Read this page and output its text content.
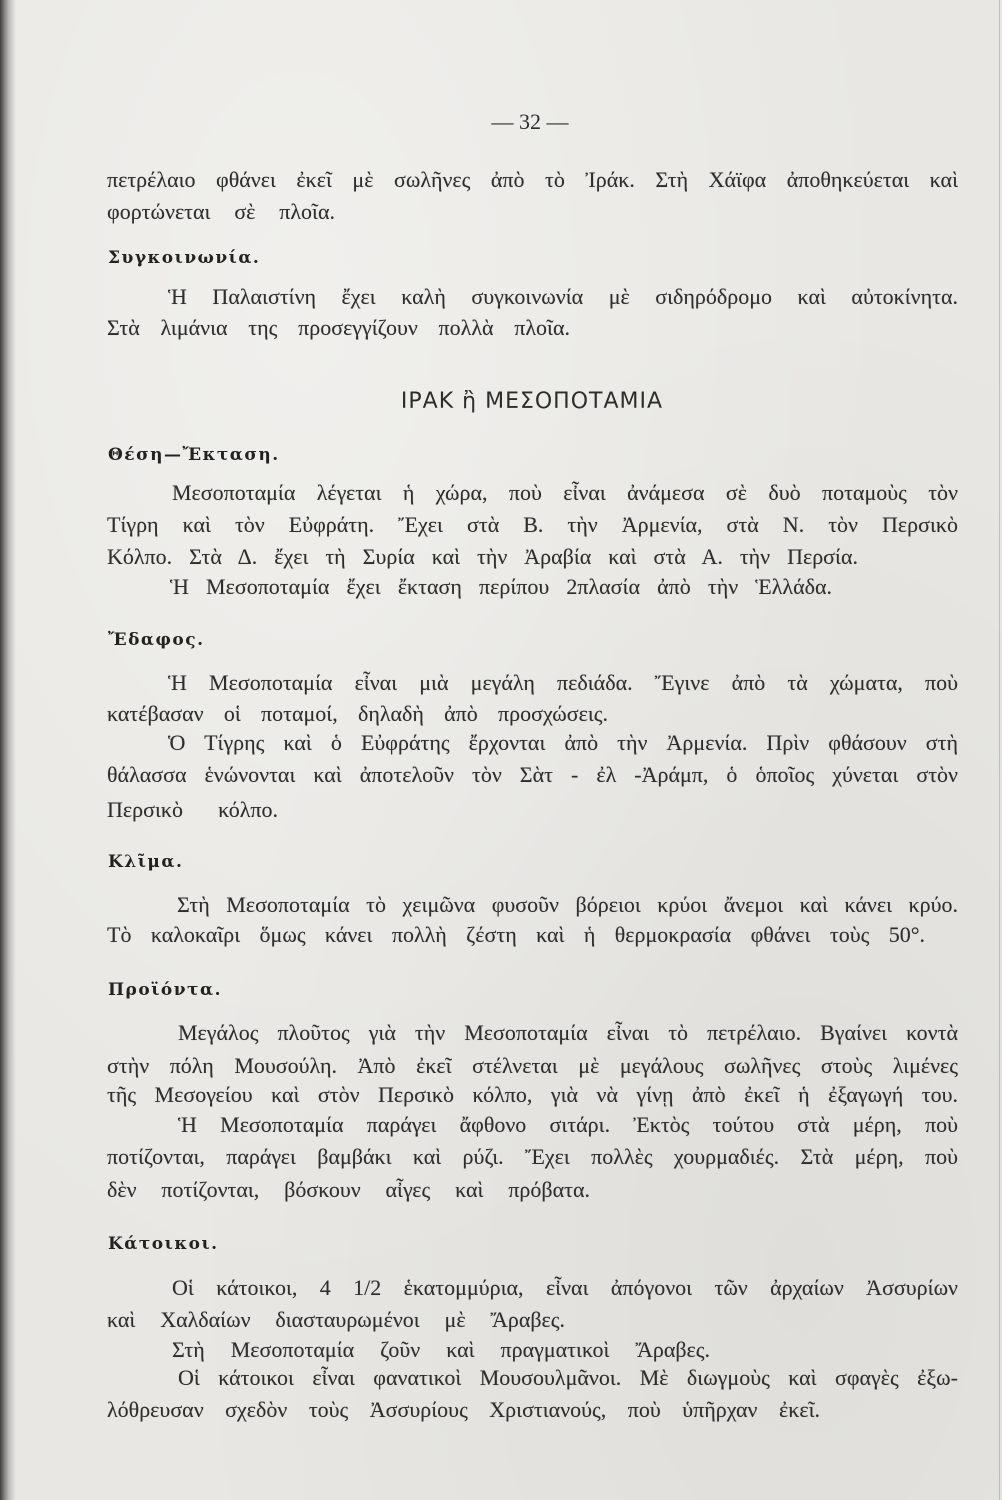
— 32 —
πετρέλαιο φθάνει ἐκεῖ μὲ σωλῆνες ἀπὸ τὸ Ἰράκ. Στὴ Χάϊφα ἀποθηκεύεται καὶ
φορτώνεται σὲ πλοῖα.
Συγκοινωνία.
Ἡ Παλαιστίνη ἔχει καλὴ συγκοινωνία μὲ σιδηρόδρομο καὶ αὐτοκίνητα.
Στὰ λιμάνια της προσεγγίζουν πολλὰ πλοῖα.
ΙΡΑΚ ἢ ΜΕΣΟΠΟΤΑΜΙΑ
Θέση—Ἔκταση.
Μεσοποταμία λέγεται ἡ χώρα, ποὺ εἶναι ἀνάμεσα σὲ δυὸ ποταμοὺς τὸν
Τίγρη καὶ τὸν Εὐφράτη. Ἔχει στὰ Β. τὴν Ἀρμενία, στὰ Ν. τὸν Περσικὸ
Κόλπο. Στὰ Δ. ἔχει τὴ Συρία καὶ τὴν Ἀραβία καὶ στὰ Α. τὴν Περσία.
Ἡ Μεσοποταμία ἔχει ἔκταση περίπου 2πλασία ἀπὸ τὴν Ἑλλάδα.
Ἔδαφος.
Ἡ Μεσοποταμία εἶναι μιὰ μεγάλη πεδιάδα. Ἔγινε ἀπὸ τὰ χώματα, ποὺ
κατέβασαν οἱ ποταμοί, δηλαδὴ ἀπὸ προσχώσεις.
Ὁ Τίγρης καὶ ὁ Εὐφράτης ἔρχονται ἀπὸ τὴν Ἀρμενία. Πρὶν φθάσουν στὴ
θάλασσα ἑνώνονται καὶ ἀποτελοῦν τὸν Σὰτ - ἐλ -Ἀράμπ, ὁ ὁποῖος χύνεται στὸν
Περσικὸ κόλπο.
Κλῖμα.
Στὴ Μεσοποταμία τὸ χειμῶνα φυσοῦν βόρειοι κρύοι ἄνεμοι καὶ κάνει κρύο.
Τὸ καλοκαῖρι ὅμως κάνει πολλὴ ζέστη καὶ ἡ θερμοκρασία φθάνει τοὺς 50°.
Προϊόντα.
Μεγάλος πλοῦτος γιὰ τὴν Μεσοποταμία εἶναι τὸ πετρέλαιο. Βγαίνει κοντὰ
στὴν πόλη Μουσούλη. Ἀπὸ ἐκεῖ στέλνεται μὲ μεγάλους σωλῆνες στοὺς λιμένες
τῆς Μεσογείου καὶ στὸν Περσικὸ κόλπο, γιὰ νὰ γίνῃ ἀπὸ ἐκεῖ ἡ ἐξαγωγή του.
Ἡ Μεσοποταμία παράγει ἄφθονο σιτάρι. Ἐκτὸς τούτου στὰ μέρη, ποὺ
ποτίζονται, παράγει βαμβάκι καὶ ρύζι. Ἔχει πολλὲς χουρμαδιές. Στὰ μέρη, ποὺ
δὲν ποτίζονται, βόσκουν αἶγες καὶ πρόβατα.
Κάτοικοι.
Οἱ κάτοικοι, 4 1/2 ἑκατομμύρια, εἶναι ἀπόγονοι τῶν ἀρχαίων Ἀσσυρίων
καὶ Χαλδαίων διασταυρωμένοι μὲ Ἄραβες.
Στὴ Μεσοποταμία ζοῦν καὶ πραγματικοὶ Ἄραβες.
Οἱ κάτοικοι εἶναι φανατικοὶ Μουσουλμᾶνοι. Μὲ διωγμοὺς καὶ σφαγὲς ἐξω-
λόθρευσαν σχεδὸν τοὺς Ἀσσυρίους Χριστιανούς, ποὺ ὑπῆρχαν ἐκεῖ.
